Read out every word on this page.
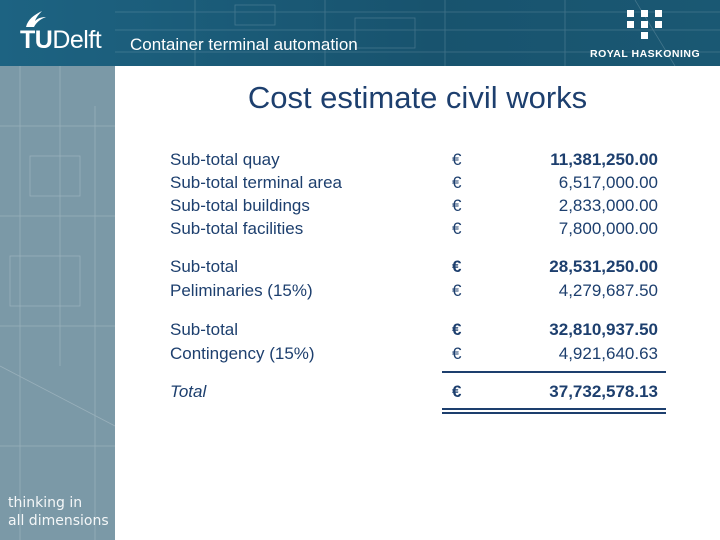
TUDelft Container terminal automation	ROYAL HASKONING
thinking in
all dimensions
Cost estimate civil works
Sub-total quay	€	11,381,250.00
Sub-total terminal area	€	6,517,000.00
Sub-total buildings	€	2,833,000.00
Sub-total facilities	€	7,800,000.00
Sub-total	€	28,531,250.00
Peliminaries (15%)	€	4,279,687.50
Sub-total	€	32,810,937.50
Contingency (15%)	€	4,921,640.63
Total	€	37,732,578.13
